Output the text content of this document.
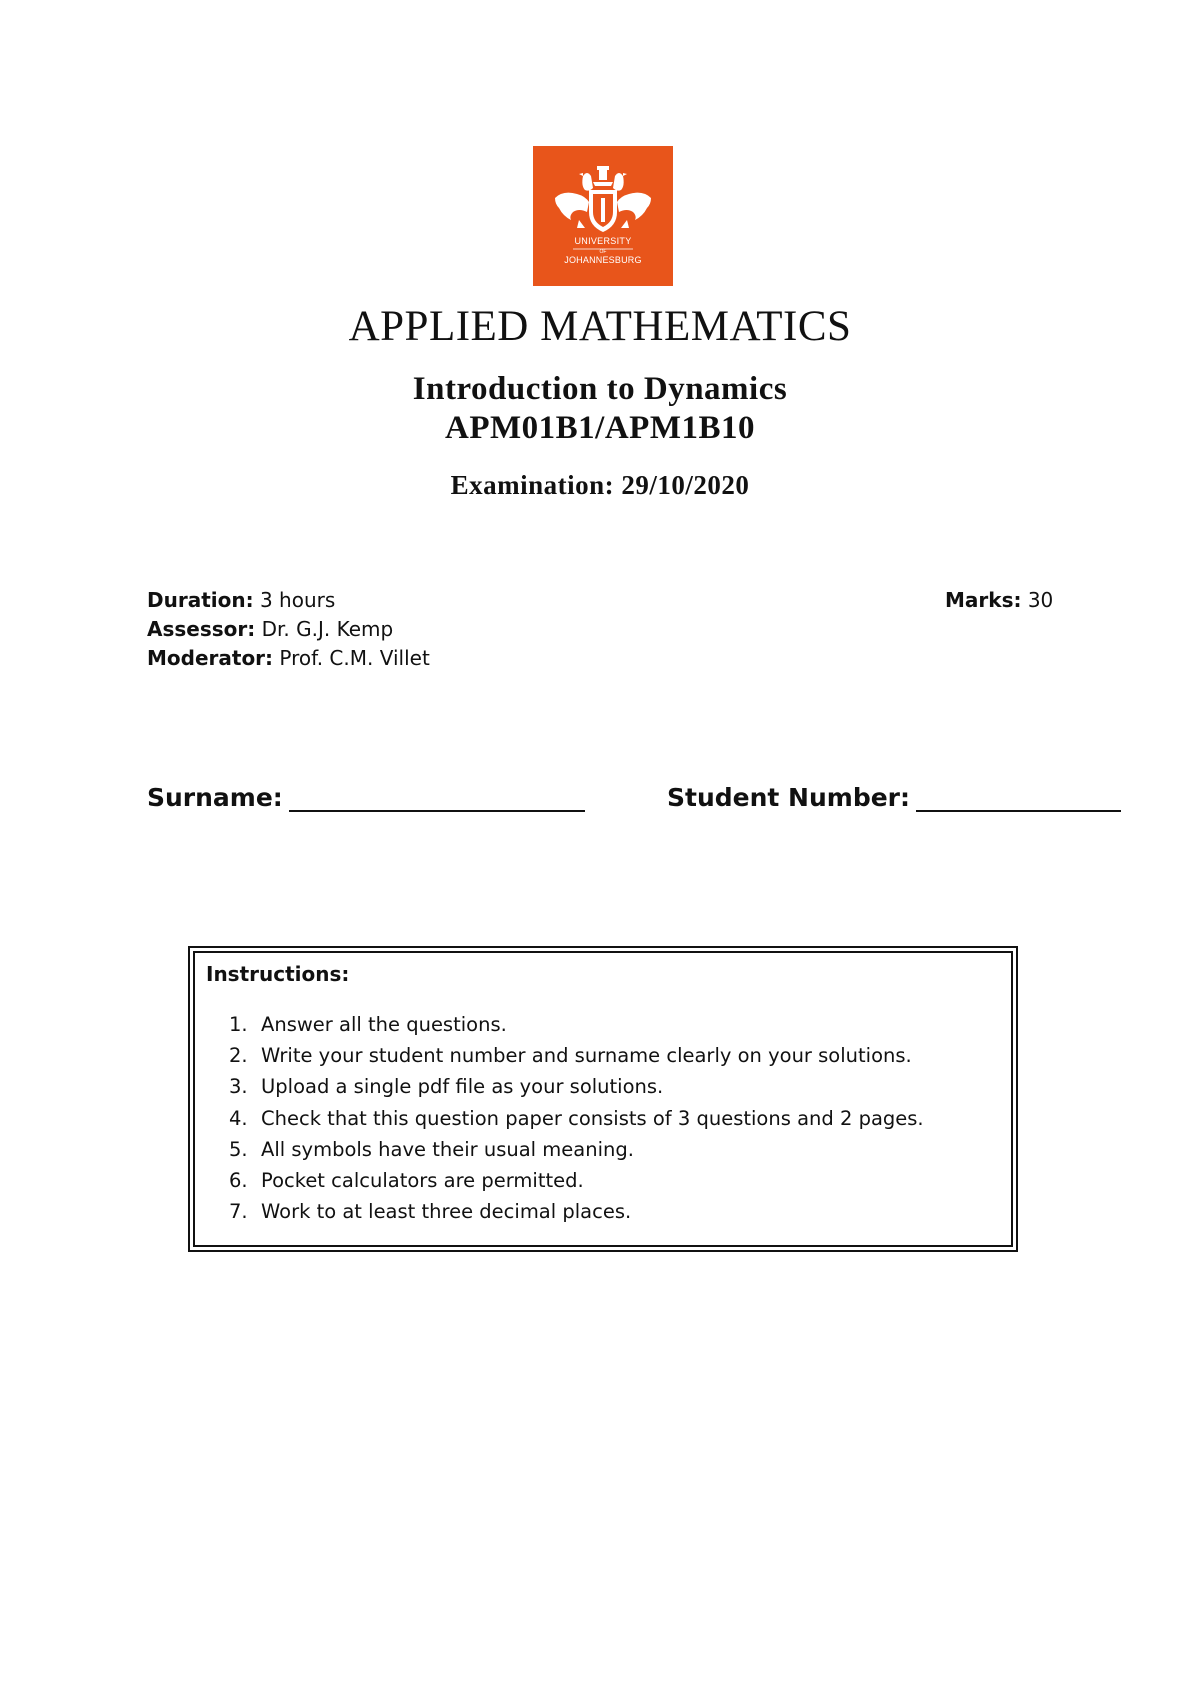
UNIVERSITY
OF
JOHANNESBURG
APPLIED MATHEMATICS
Introduction to Dynamics
APM01B1/APM1B10
Examination: 29/10/2020
Duration: 3 hours	Marks: 30
Assessor: Dr. G.J. Kemp
Moderator: Prof. C.M. Villet
Surname:	Student Number:
Instructions:
1. Answer all the questions.
2. Write your student number and surname clearly on your solutions.
3. Upload a single pdf file as your solutions.
4. Check that this question paper consists of 3 questions and 2 pages.
5. All symbols have their usual meaning.
6. Pocket calculators are permitted.
7. Work to at least three decimal places.
